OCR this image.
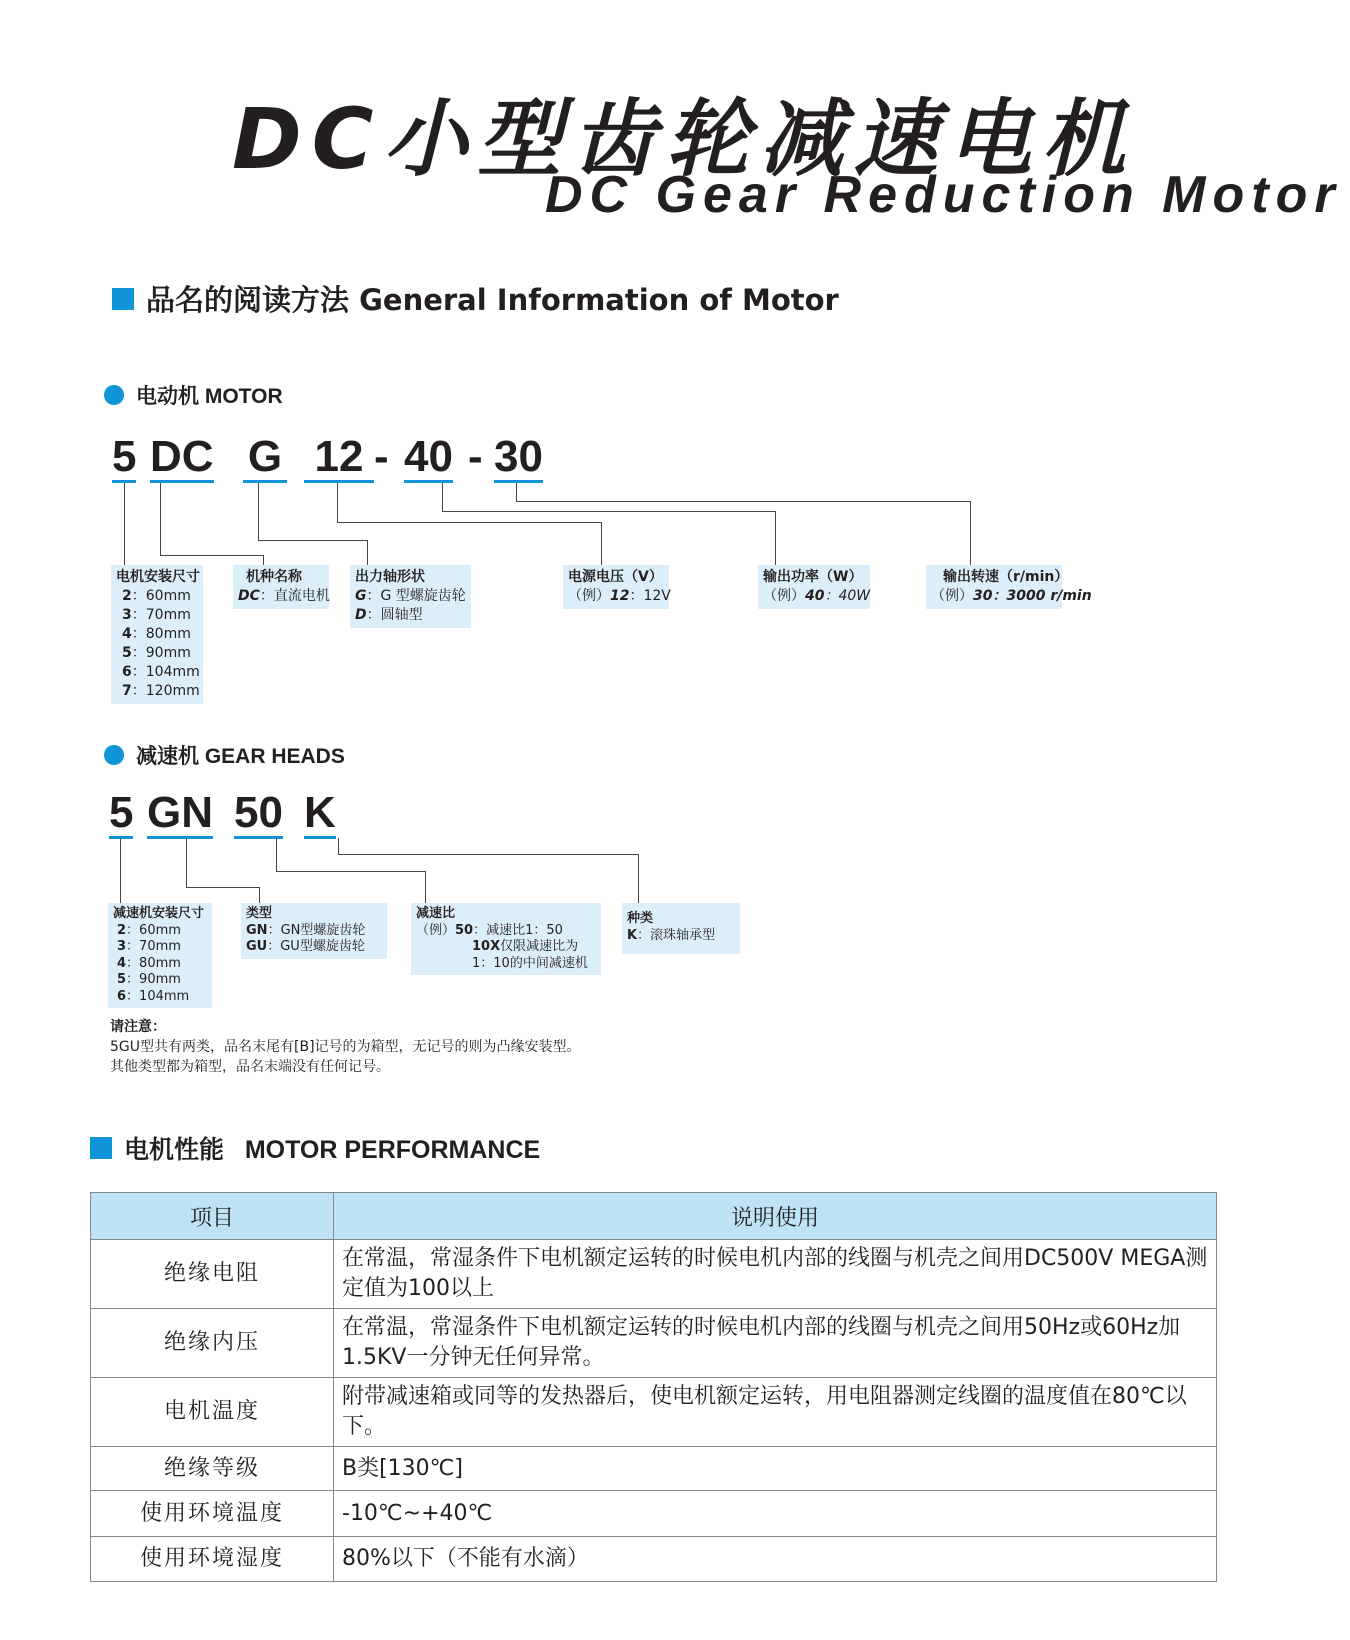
DC小型齿轮减速电机
DC Gear Reduction Motor
品名的阅读方法 General Information of Motor
电动机 MOTOR
5 DC G 12 - 40 - 30
电机安装尺寸
2：60mm
3：70mm
4：80mm
5：90mm
6：104mm
7：120mm
机种名称
DC：直流电机
出力轴形状
G：G 型螺旋齿轮
D：圆轴型
电源电压（V）
（例）12：12V
输出功率（W）
（例）40：40W
输出转速（r/min）
（例）30：3000 r/min
减速机 GEAR HEADS
5 GN 50 K
减速机安装尺寸
2：60mm
3：70mm
4：80mm
5：90mm
6：104mm
类型
GN：GN型螺旋齿轮
GU：GU型螺旋齿轮
减速比
（例）50：减速比1：50
10X仅限减速比为
1：10的中间减速机
种类
K：滚珠轴承型
请注意：
5GU型共有两类，品名末尾有[B]记号的为箱型，无记号的则为凸缘安装型。
其他类型都为箱型，品名末端没有任何记号。
电机性能   MOTOR PERFORMANCE
项目	说明使用
绝缘电阻	在常温，常湿条件下电机额定运转的时候电机内部的线圈与机壳之间用DC500V MEGA测定值为100以上
绝缘内压	在常温，常湿条件下电机额定运转的时候电机内部的线圈与机壳之间用50Hz或60Hz加1.5KV一分钟无任何异常。
电机温度	附带减速箱或同等的发热器后，使电机额定运转，用电阻器测定线圈的温度值在80℃以下。
绝缘等级	B类[130℃]
使用环境温度	-10℃~+40℃
使用环境湿度	80%以下（不能有水滴）
